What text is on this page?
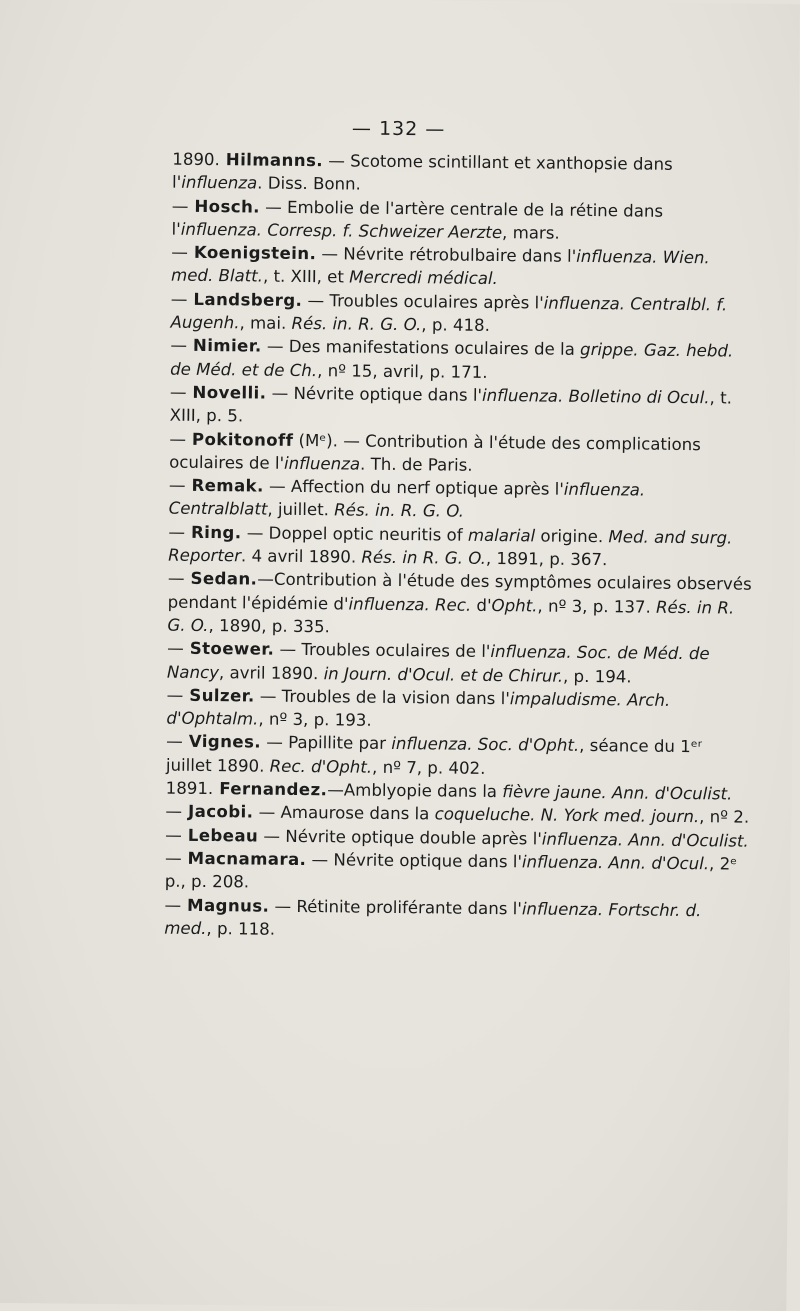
— 132 —

1890. Hilmanns. — Scotome scintillant et xanthopsie dans l'influenza. Diss. Bonn.

— Hosch. — Embolie de l'artère centrale de la rétine dans l'influenza. Corresp. f. Schweizer Aerzte, mars.

— Koenigstein. — Névrite rétrobulbaire dans l'influenza. Wien. med. Blatt., t. XIII, et Mercredi médical.

— Landsberg. — Troubles oculaires après l'influenza. Centralbl. f. Augenh., mai. Rés. in. R. G. O., p. 418.

— Nimier. — Des manifestations oculaires de la grippe. Gaz. hebd. de Méd. et de Ch., nº 15, avril, p. 171.

— Novelli. — Névrite optique dans l'influenza. Bolletino di Ocul., t. XIII, p. 5.

— Pokitonoff (Mᵉ). — Contribution à l'étude des complications oculaires de l'influenza. Th. de Paris.

— Remak. — Affection du nerf optique après l'influenza. Centralblatt, juillet. Rés. in. R. G. O.

— Ring. — Doppel optic neuritis of malarial origine. Med. and surg. Reporter. 4 avril 1890. Rés. in R. G. O., 1891, p. 367.

— Sedan.—Contribution à l'étude des symptômes oculaires observés pendant l'épidémie d'influenza. Rec. d'Opht., nº 3, p. 137. Rés. in R. G. O., 1890, p. 335.

— Stoewer. — Troubles oculaires de l'influenza. Soc. de Méd. de Nancy, avril 1890. in Journ. d'Ocul. et de Chirur., p. 194.

— Sulzer. — Troubles de la vision dans l'impaludisme. Arch. d'Ophtalm., nº 3, p. 193.

— Vignes. — Papillite par influenza. Soc. d'Opht., séance du 1ᵉʳ juillet 1890. Rec. d'Opht., nº 7, p. 402.

1891. Fernandez.—Amblyopie dans la fièvre jaune. Ann. d'Oculist.

— Jacobi. — Amaurose dans la coqueluche. N. York med. journ., nº 2.

— Lebeau — Névrite optique double après l'influenza. Ann. d'Oculist.

— Macnamara. — Névrite optique dans l'influenza. Ann. d'Ocul., 2ᵉ p., p. 208.

— Magnus. — Rétinite proliférante dans l'influenza. Fortschr. d. med., p. 118.
